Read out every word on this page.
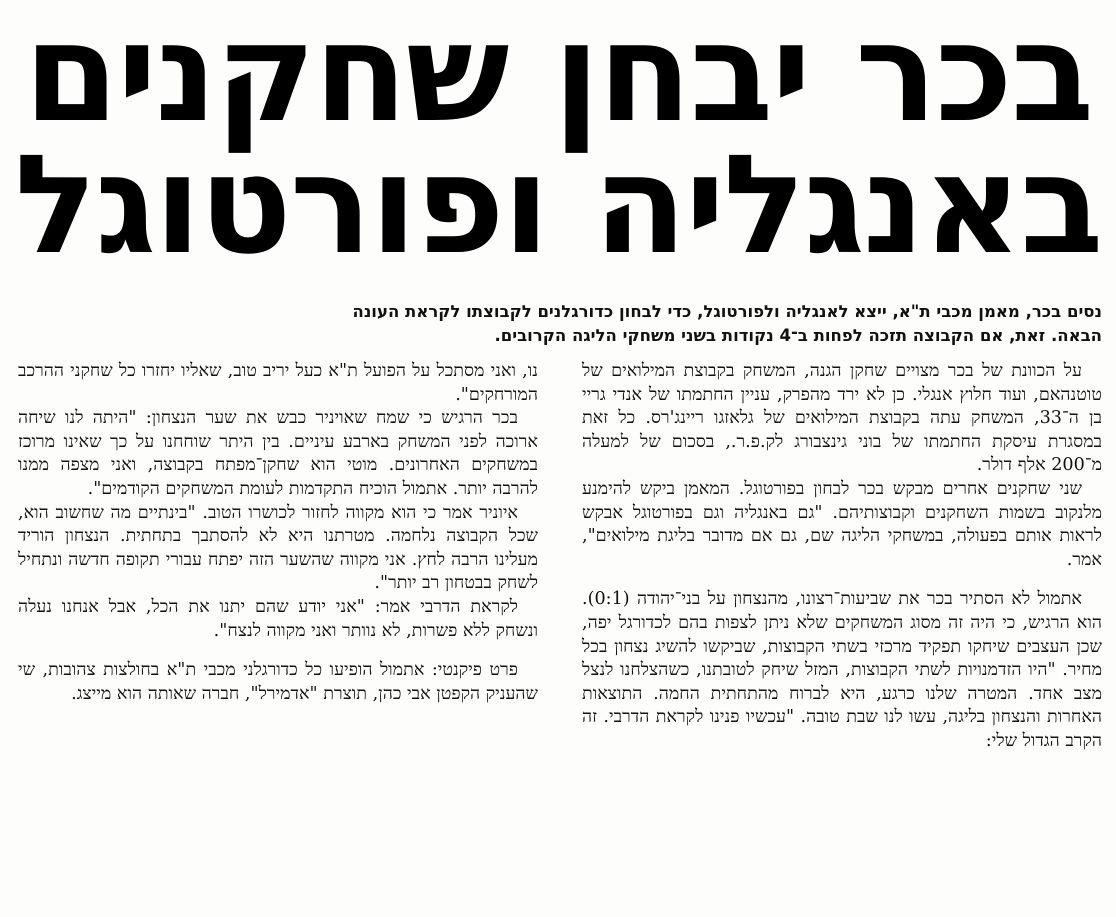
בכר יבחן שחקנים
באנגליה ופורטוגל

נסים בכר, מאמן מכבי ת"א, ייצא לאנגליה ולפורטוגל, כדי לבחון כדורגלנים לקבוצתו לקראת העונה

הבאה. זאת, אם הקבוצה תזכה לפחות ב־4 נקודות בשני משחקי הליגה הקרובים.

על הכוונת של בכר מצויים שחקן הגנה, המשחק בקבוצת המילואים של טוטנהאם, ועוד חלוץ אנגלי. כן לא ירד מהפרק, עניין החתמתו של אנדי גריי בן ה־33, המשחק עתה בקבוצת המילואים של גלאזגו ריינג'רס. כל זאת במסגרת עיסקת החתמתו של בוני גינצבורג לק.פ.ר., בסכום של למעלה מ־200 אלף דולר.

שני שחקנים אחרים מבקש בכר לבחון בפורטוגל. המאמן ביקש להימנע מלנקוב בשמות השחקנים וקבוצותיהם. "גם באנגליה וגם בפורטוגל אבקש לראות אותם בפעולה, במשחקי הליגה שם, גם אם מדובר בליגת מילואים", אמר.

אתמול לא הסתיר בכר את שביעות־רצונו, מהנצחון על בני־יהודה (0:1). הוא הרגיש, כי היה זה מסוג המשחקים שלא ניתן לצפות בהם לכדורגל יפה, שכן העצבים שיחקו תפקיד מרכזי בשתי הקבוצות, שביקשו להשיג נצחון בכל מחיר. "היו הזדמנויות לשתי הקבוצות, המזל שיחק לטובתנו, כשהצלחנו לנצל מצב אחד. המטרה שלנו כרגע, היא לברוח מהתחתית החמה. התוצאות האחרות והנצחון בליגה, עשו לנו שבת טובה. "עכשיו פנינו לקראת הדרבי. זה הקרב הגדול שלי:

נו, ואני מסתכל על הפועל ת"א כעל יריב טוב, שאליו יחזרו כל שחקני ההרכב המורחקים".

בכר הרגיש כי שמח שאויניר כבש את שער הנצחון: "היתה לנו שיחה ארוכה לפני המשחק בארבע עיניים. בין היתר שוחחנו על כך שאינו מרוכז במשחקים האחרונים. מוטי הוא שחקן־מפתח בקבוצה, ואני מצפה ממנו להרבה יותר. אתמול הוכיח התקדמות לעומת המשחקים הקודמים".

איוניר אמר כי הוא מקווה לחזור לכושרו הטוב. "בינתיים מה שחשוב הוא, שכל הקבוצה נלחמה. מטרתנו היא לא להסתבך בתחתית. הנצחון הוריד מעלינו הרבה לחץ. אני מקווה שהשער הזה יפתח עבורי תקופה חדשה ונתחיל לשחק בבטחון רב יותר".

לקראת הדרבי אמר: "אני יודע שהם יתנו את הכל, אבל אנחנו נעלה ונשחק ללא פשרות, לא נוותר ואני מקווה לנצח".

פרט פיקנטי: אתמול הופיעו כל כדורגלני מכבי ת"א בחולצות צהובות, שי שהעניק הקפטן אבי כהן, תוצרת "אדמירל", חברה שאותה הוא מייצג.
